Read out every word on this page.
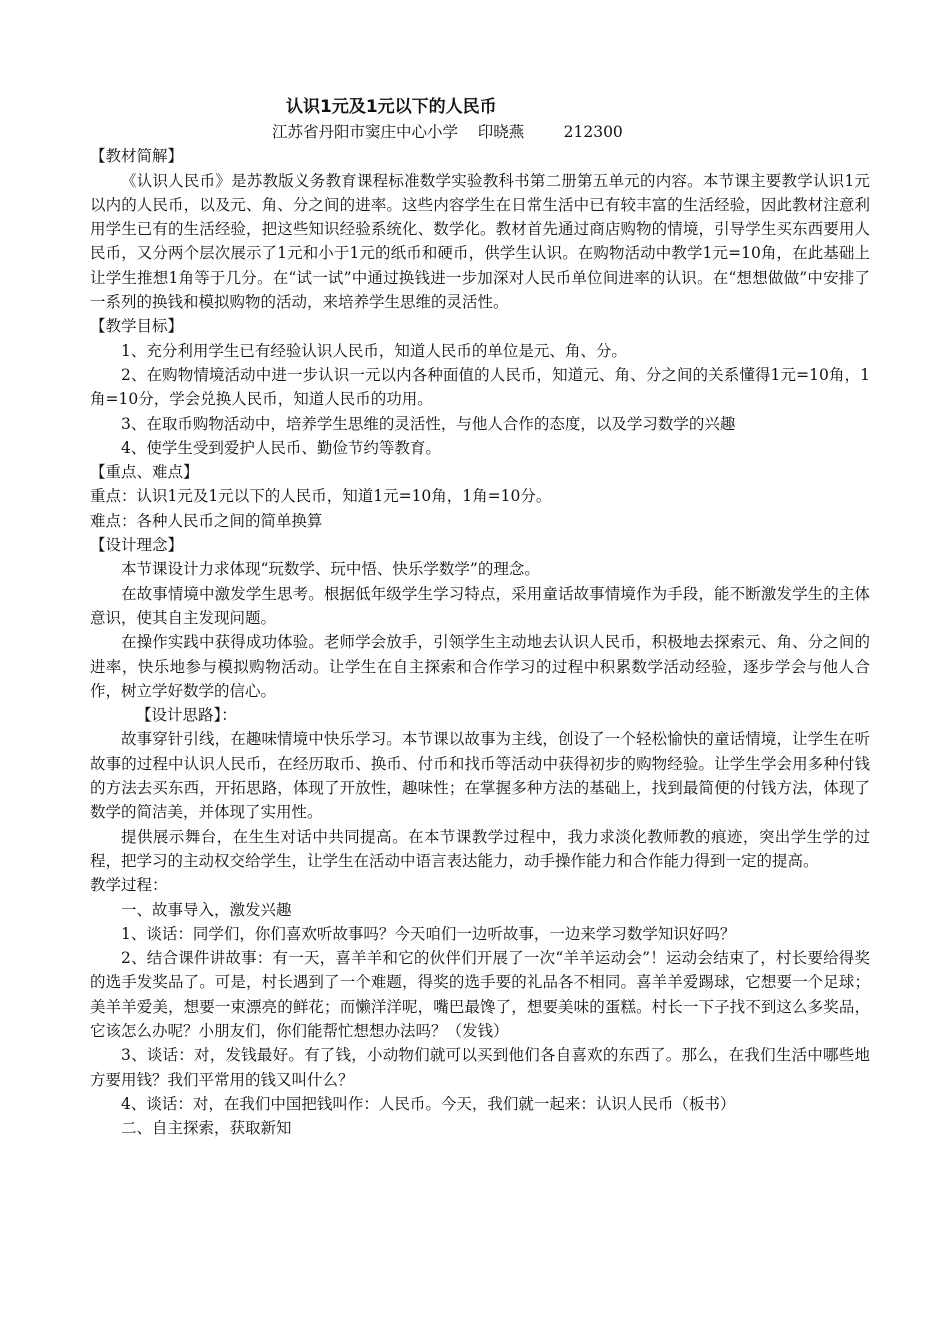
认识1元及1元以下的人民币

江苏省丹阳市窦庄中心小学    印晓燕        212300

【教材简解】

《认识人民币》是苏教版义务教育课程标准数学实验教科书第二册第五单元的内容。本节课主要教学认识1元以内的人民币，以及元、角、分之间的进率。这些内容学生在日常生活中已有较丰富的生活经验，因此教材注意利用学生已有的生活经验，把这些知识经验系统化、数学化。教材首先通过商店购物的情境，引导学生买东西要用人民币，又分两个层次展示了1元和小于1元的纸币和硬币，供学生认识。在购物活动中教学1元=10角，在此基础上让学生推想1角等于几分。在“试一试”中通过换钱进一步加深对人民币单位间进率的认识。在“想想做做”中安排了一系列的换钱和模拟购物的活动，来培养学生思维的灵活性。

【教学目标】

1、充分利用学生已有经验认识人民币，知道人民币的单位是元、角、分。

2、在购物情境活动中进一步认识一元以内各种面值的人民币，知道元、角、分之间的关系懂得1元=10角，1角=10分，学会兑换人民币，知道人民币的功用。

3、在取币购物活动中，培养学生思维的灵活性，与他人合作的态度，以及学习数学的兴趣

4、使学生受到爱护人民币、勤俭节约等教育。

【重点、难点】

重点：认识1元及1元以下的人民币，知道1元=10角，1角=10分。

难点：各种人民币之间的简单换算

【设计理念】

本节课设计力求体现“玩数学、玩中悟、快乐学数学”的理念。

在故事情境中激发学生思考。根据低年级学生学习特点，采用童话故事情境作为手段，能不断激发学生的主体意识，使其自主发现问题。

在操作实践中获得成功体验。老师学会放手，引领学生主动地去认识人民币，积极地去探索元、角、分之间的进率，快乐地参与模拟购物活动。让学生在自主探索和合作学习的过程中积累数学活动经验，逐步学会与他人合作，树立学好数学的信心。

【设计思路】：

故事穿针引线，在趣味情境中快乐学习。本节课以故事为主线，创设了一个轻松愉快的童话情境，让学生在听故事的过程中认识人民币，在经历取币、换币、付币和找币等活动中获得初步的购物经验。让学生学会用多种付钱的方法去买东西，开拓思路，体现了开放性，趣味性；在掌握多种方法的基础上，找到最简便的付钱方法，体现了数学的简洁美，并体现了实用性。

提供展示舞台，在生生对话中共同提高。在本节课教学过程中，我力求淡化教师教的痕迹，突出学生学的过程，把学习的主动权交给学生，让学生在活动中语言表达能力，动手操作能力和合作能力得到一定的提高。

教学过程：

一、故事导入，激发兴趣

1、谈话：同学们，你们喜欢听故事吗？今天咱们一边听故事，一边来学习数学知识好吗？

2、结合课件讲故事：有一天，喜羊羊和它的伙伴们开展了一次“羊羊运动会”！运动会结束了，村长要给得奖的选手发奖品了。可是，村长遇到了一个难题，得奖的选手要的礼品各不相同。喜羊羊爱踢球，它想要一个足球；美羊羊爱美，想要一束漂亮的鲜花；而懒洋洋呢，嘴巴最馋了，想要美味的蛋糕。村长一下子找不到这么多奖品，它该怎么办呢？小朋友们，你们能帮忙想想办法吗？（发钱）

3、谈话：对，发钱最好。有了钱，小动物们就可以买到他们各自喜欢的东西了。那么，在我们生活中哪些地方要用钱？我们平常用的钱又叫什么？

4、谈话：对，在我们中国把钱叫作：人民币。今天，我们就一起来：认识人民币（板书）

二、自主探索，获取新知
